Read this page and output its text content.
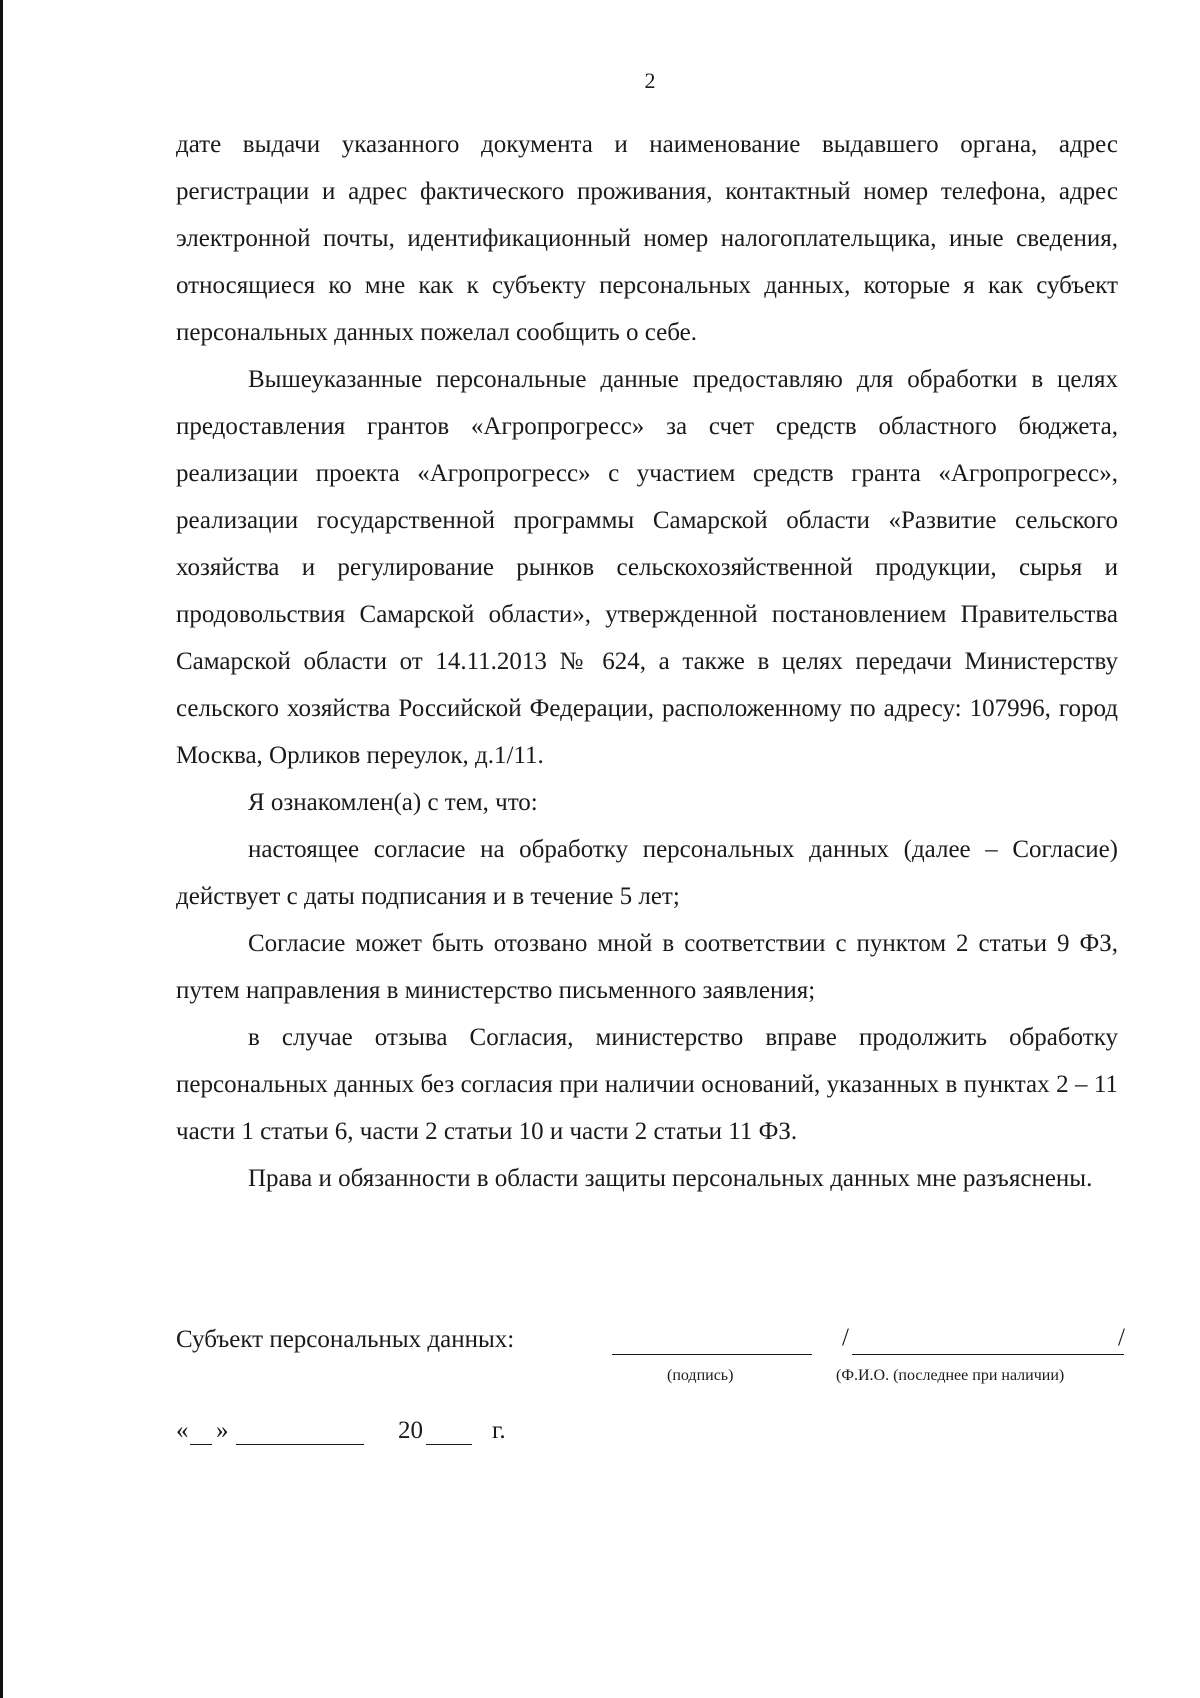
2

дате выдачи указанного документа и наименование выдавшего органа, адрес регистрации и адрес фактического проживания, контактный номер телефона, адрес электронной почты, идентификационный номер налогоплательщика, иные сведения, относящиеся ко мне как к субъекту персональных данных, которые я как субъект персональных данных пожелал сообщить о себе.

Вышеуказанные персональные данные предоставляю для обработки в целях предоставления грантов «Агропрогресс» за счет средств областного бюджета, реализации проекта «Агропрогресс» с участием средств гранта «Агропрогресс», реализации государственной программы Самарской области «Развитие сельского хозяйства и регулирование рынков сельскохозяйственной продукции, сырья и продовольствия Самарской области», утвержденной постановлением Правительства Самарской области от 14.11.2013 № 624, а также в целях передачи Министерству сельского хозяйства Российской Федерации, расположенному по адресу: 107996, город Москва, Орликов переулок, д.1/11.

Я ознакомлен(а) с тем, что:

настоящее согласие на обработку персональных данных (далее – Согласие) действует с даты подписания и в течение 5 лет;

Согласие может быть отозвано мной в соответствии с пунктом 2 статьи 9 ФЗ, путем направления в министерство письменного заявления;

в случае отзыва Согласия, министерство вправе продолжить обработку персональных данных без согласия при наличии оснований, указанных в пунктах 2 – 11 части 1 статьи 6, части 2 статьи 10 и части 2 статьи 11 ФЗ.

Права и обязанности в области защиты персональных данных мне разъяснены.

Субъект персональных данных:	/	/
(подпись)	(Ф.И.О. (последнее при наличии)
« »	20	г.
